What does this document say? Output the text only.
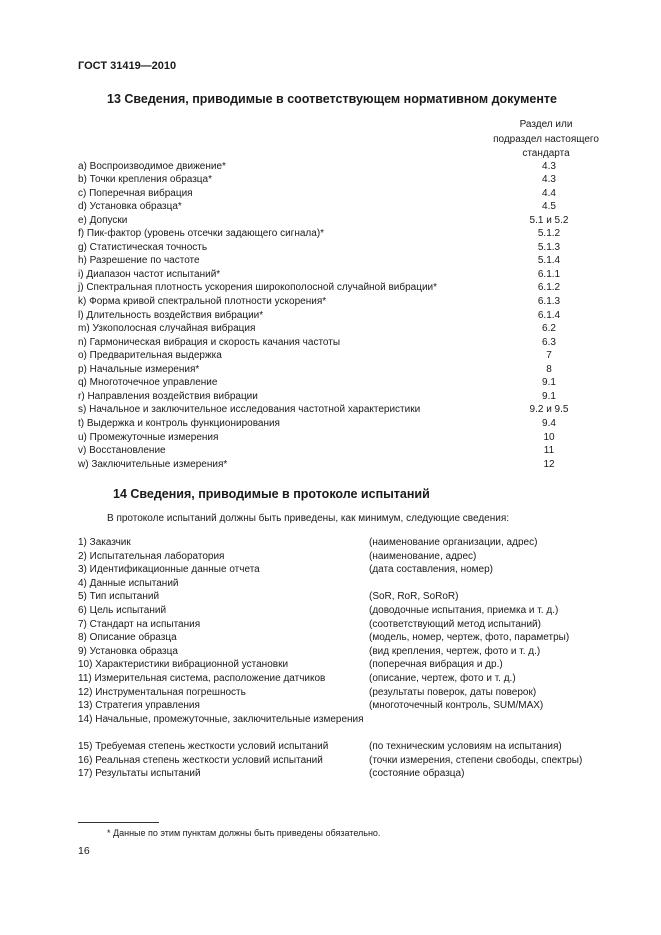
ГОСТ 31419—2010
13 Сведения, приводимые в соответствующем нормативном документе
Раздел или
подраздел настоящего
стандарта
a) Воспроизводимое движение*	4.3
b) Точки крепления образца*	4.3
c) Поперечная вибрация	4.4
d) Установка образца*	4.5
e) Допуски	5.1 и 5.2
f) Пик-фактор (уровень отсечки задающего сигнала)*	5.1.2
g) Статистическая точность	5.1.3
h) Разрешение по частоте	5.1.4
i) Диапазон частот испытаний*	6.1.1
j) Спектральная плотность ускорения широкополосной случайной вибрации*	6.1.2
k) Форма кривой спектральной плотности ускорения*	6.1.3
l) Длительность воздействия вибрации*	6.1.4
m) Узкополосная случайная вибрация	6.2
n) Гармоническая вибрация и скорость качания частоты	6.3
o) Предварительная выдержка	7
p) Начальные измерения*	8
q) Многоточечное управление	9.1
r) Направления воздействия вибрации	9.1
s) Начальное и заключительное исследования частотной характеристики	9.2 и 9.5
t) Выдержка и контроль функционирования	9.4
u) Промежуточные измерения	10
v) Восстановление	11
w) Заключительные измерения*	12
14 Сведения, приводимые в протоколе испытаний
В протоколе испытаний должны быть приведены, как минимум, следующие сведения:
1) Заказчик	(наименование организации, адрес)
2) Испытательная лаборатория	(наименование, адрес)
3) Идентификационные данные отчета	(дата составления, номер)
4) Данные испытаний
5) Тип испытаний	(SoR, RoR, SoRoR)
6) Цель испытаний	(доводочные испытания, приемка и т. д.)
7) Стандарт на испытания	(соответствующий метод испытаний)
8) Описание образца	(модель, номер, чертеж, фото, параметры)
9) Установка образца	(вид крепления, чертеж, фото и т. д.)
10) Характеристики вибрационной установки	(поперечная вибрация и др.)
11) Измерительная система, расположение датчиков	(описание, чертеж, фото и т. д.)
12) Инструментальная погрешность	(результаты поверок, даты поверок)
13) Стратегия управления	(многоточечный контроль, SUM/MAX)
14) Начальные, промежуточные, заключительные измерения
15) Требуемая степень жесткости условий испытаний	(по техническим условиям на испытания)
16) Реальная степень жесткости условий испытаний	(точки измерения, степени свободы, спектры)
17) Результаты испытаний	(состояние образца)
* Данные по этим пунктам должны быть приведены обязательно.
16
